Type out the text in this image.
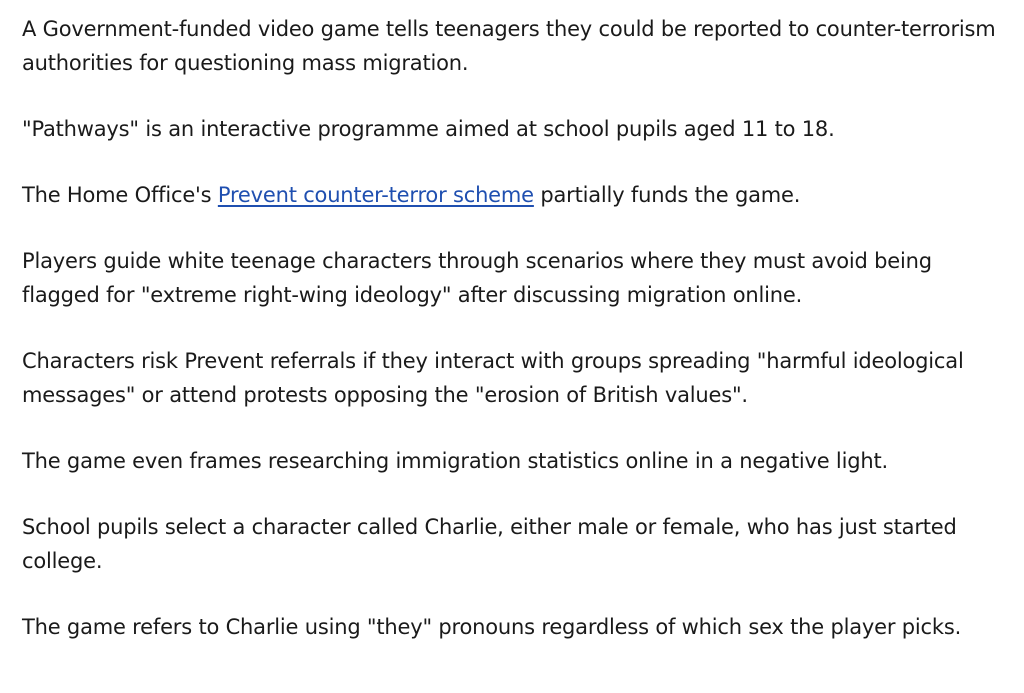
A Government-funded video game tells teenagers they could be reported to counter-terrorism authorities for questioning mass migration.

"Pathways" is an interactive programme aimed at school pupils aged 11 to 18.

The Home Office's Prevent counter-terror scheme partially funds the game.

Players guide white teenage characters through scenarios where they must avoid being flagged for "extreme right-wing ideology" after discussing migration online.

Characters risk Prevent referrals if they interact with groups spreading "harmful ideological messages" or attend protests opposing the "erosion of British values".

The game even frames researching immigration statistics online in a negative light.

School pupils select a character called Charlie, either male or female, who has just started college.

The game refers to Charlie using "they" pronouns regardless of which sex the player picks.
